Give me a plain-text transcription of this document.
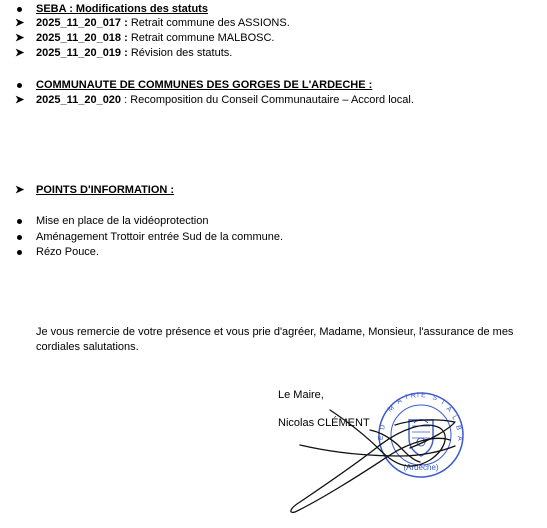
SEBA : Modifications des statuts
➤ 2025_11_20_017 : Retrait commune des ASSIONS.
➤ 2025_11_20_018 : Retrait commune MALBOSC.
➤ 2025_11_20_019 : Révision des statuts.
COMMUNAUTE DE COMMUNES DES GORGES DE L'ARDECHE :
➤ 2025_11_20_020 : Recomposition du Conseil Communautaire – Accord local.
➤ POINTS D'INFORMATION :
Mise en place de la vidéoprotection
Aménagement Trottoir entrée Sud de la commune.
Rézo Pouce.
Je vous remercie de votre présence et vous prie d'agréer, Madame, Monsieur, l'assurance de mes cordiales salutations.
Le Maire,
Nicolas CLÉMENT
M
A
I R I E S
T
A
L
B
A
D
E
(Ardèche)
